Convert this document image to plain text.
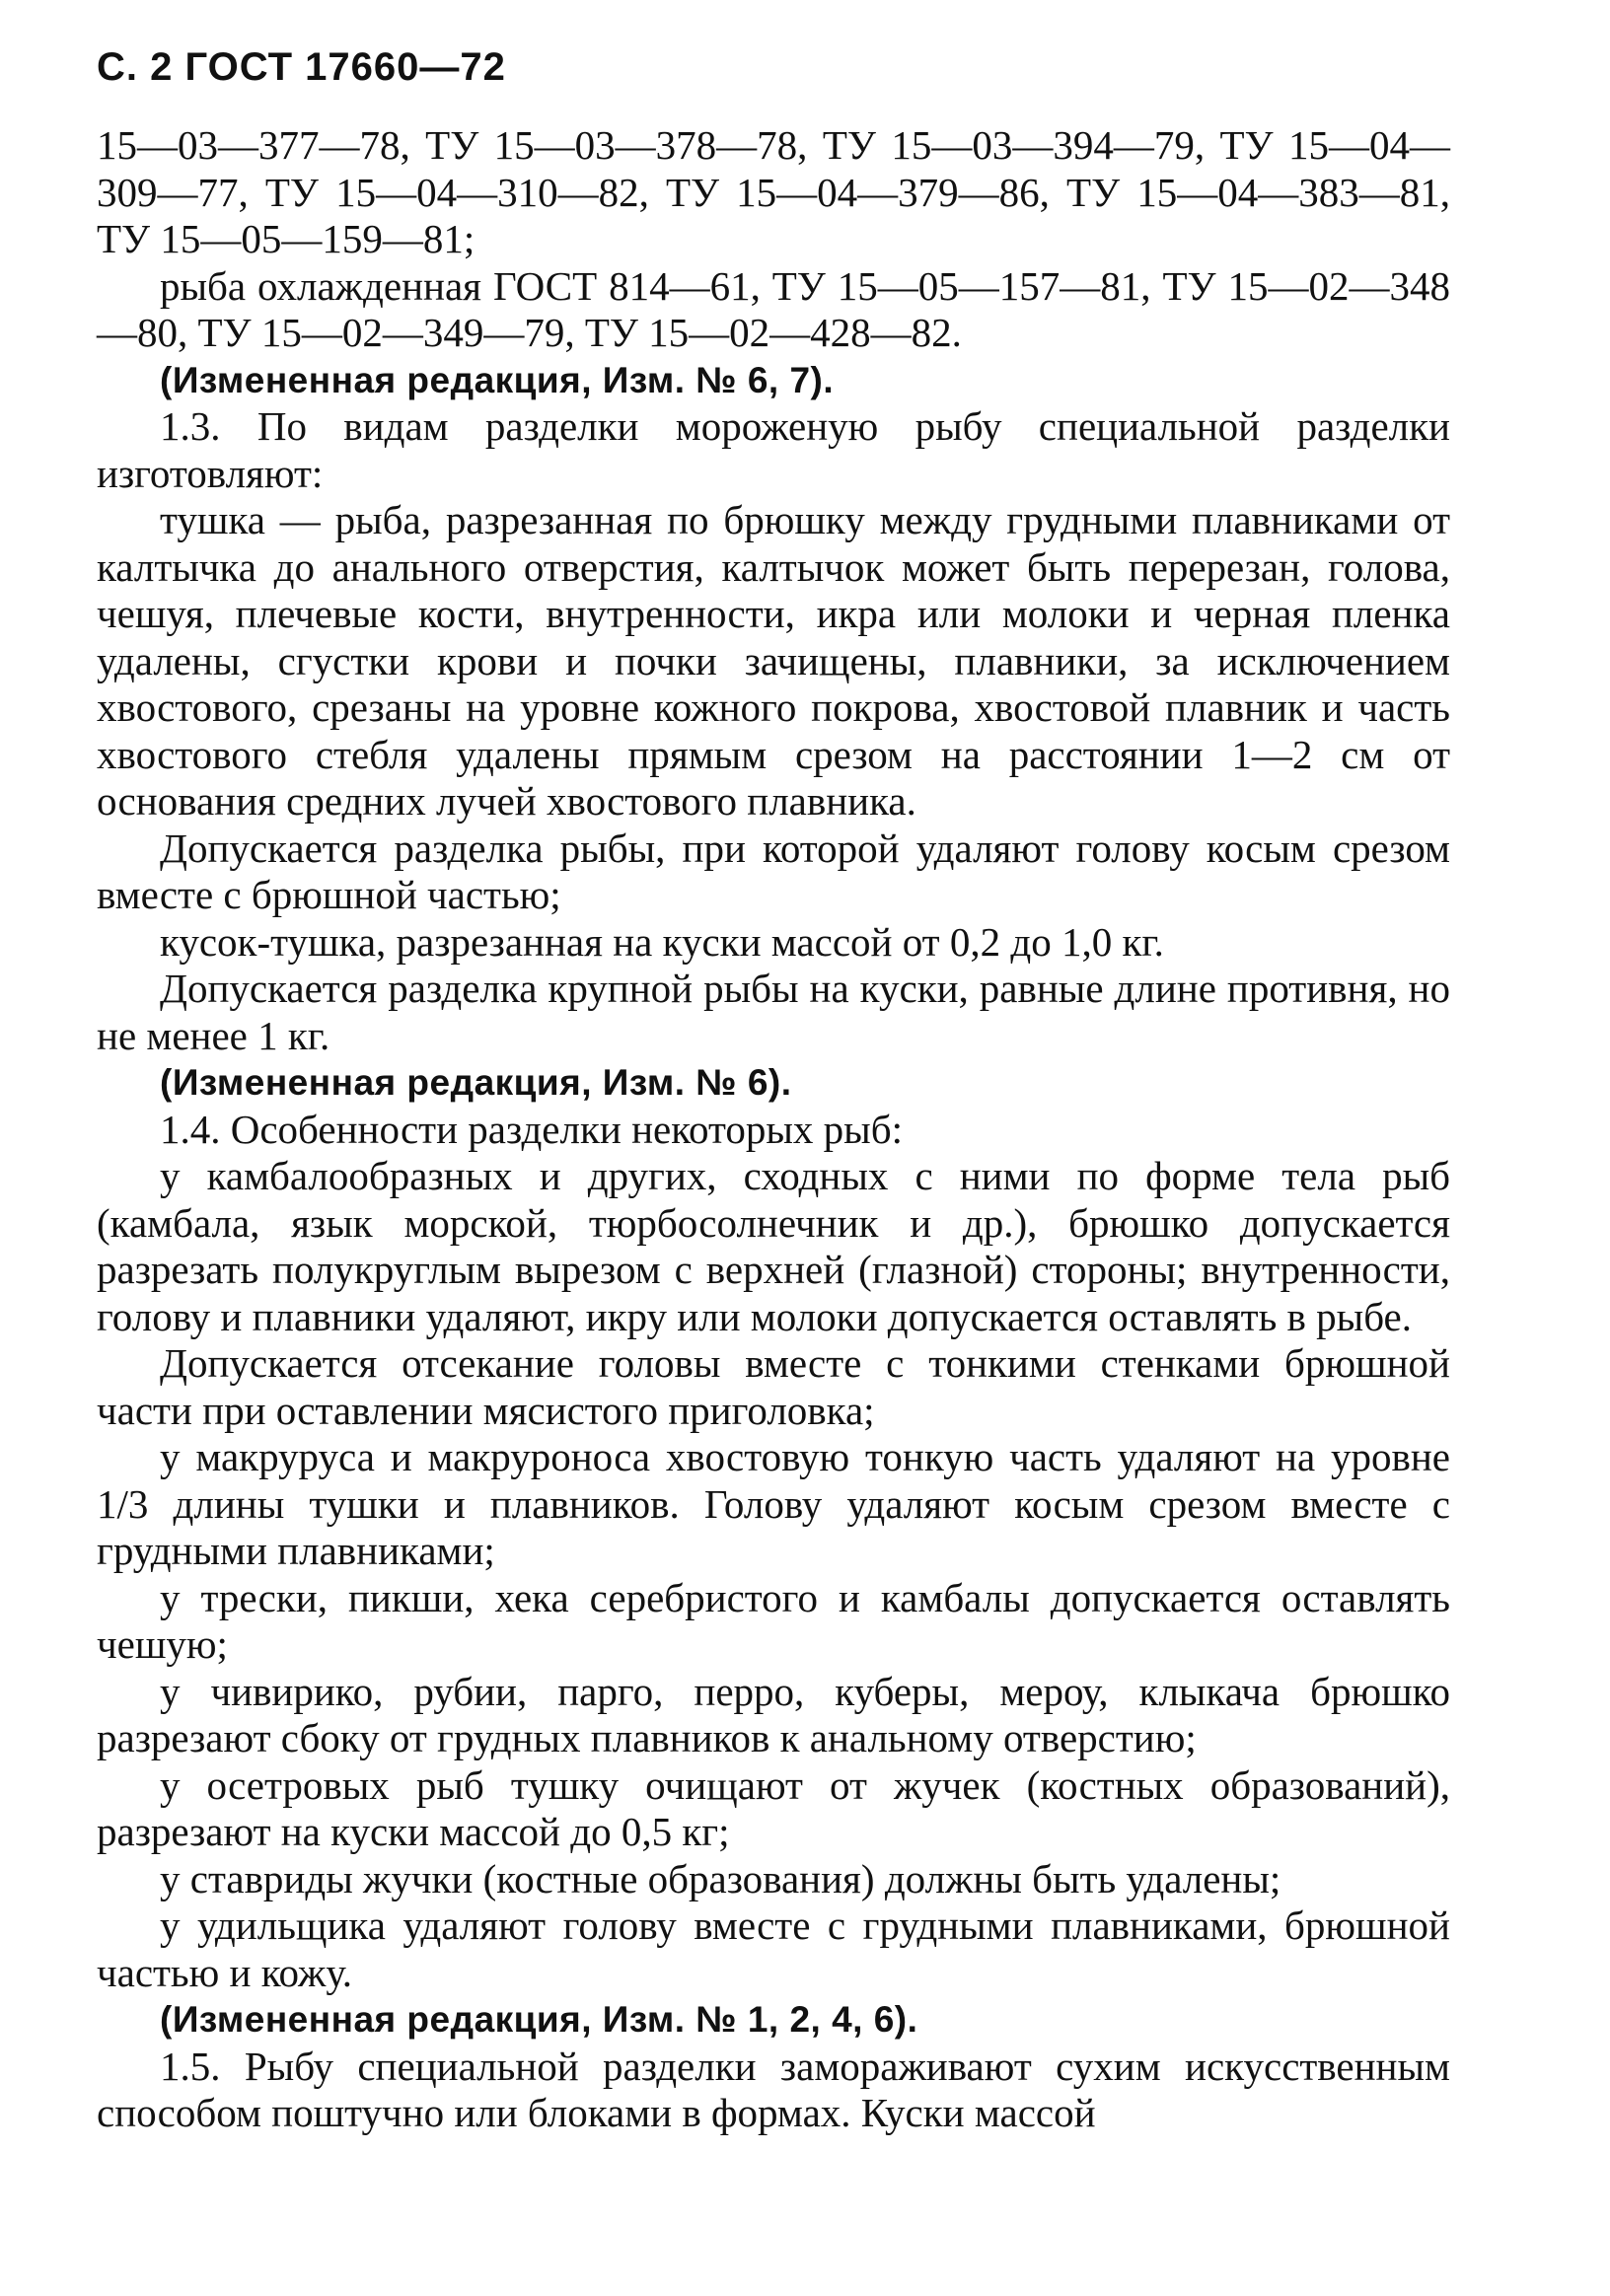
С. 2 ГОСТ 17660—72

15—03—377—78, ТУ 15—03—378—78, ТУ 15—03—394—79, ТУ 15—04—309—77, ТУ 15—04—310—82, ТУ 15—04—379—86, ТУ 15—04—383—81, ТУ 15—05—159—81;

рыба охлажденная ГОСТ 814—61, ТУ 15—05—157—81, ТУ 15—02—348—80, ТУ 15—02—349—79, ТУ 15—02—428—82.

(Измененная редакция, Изм. № 6, 7).

1.3. По видам разделки мороженую рыбу специальной разделки изготовляют:

тушка — рыба, разрезанная по брюшку между грудными плавниками от калтычка до анального отверстия, калтычок может быть перерезан, голова, чешуя, плечевые кости, внутренности, икра или молоки и черная пленка удалены, сгустки крови и почки зачищены, плавники, за исключением хвостового, срезаны на уровне кожного покрова, хвостовой плавник и часть хвостового стебля удалены прямым срезом на расстоянии 1—2 см от основания средних лучей хвостового плавника.

Допускается разделка рыбы, при которой удаляют голову косым срезом вместе с брюшной частью;

кусок-тушка, разрезанная на куски массой от 0,2 до 1,0 кг.

Допускается разделка крупной рыбы на куски, равные длине противня, но не менее 1 кг.

(Измененная редакция, Изм. № 6).

1.4. Особенности разделки некоторых рыб:

у камбалообразных и других, сходных с ними по форме тела рыб (камбала, язык морской, тюрбосолнечник и др.), брюшко допускается разрезать полукруглым вырезом с верхней (глазной) стороны; внутренности, голову и плавники удаляют, икру или молоки допускается оставлять в рыбе.

Допускается отсекание головы вместе с тонкими стенками брюшной части при оставлении мясистого приголовка;

у макруруса и макруроноса хвостовую тонкую часть удаляют на уровне 1/3 длины тушки и плавников. Голову удаляют косым срезом вместе с грудными плавниками;

у трески, пикши, хека серебристого и камбалы допускается оставлять чешую;

у чивирико, рубии, парго, перро, куберы, мероу, клыкача брюшко разрезают сбоку от грудных плавников к анальному отверстию;

у осетровых рыб тушку очищают от жучек (костных образований), разрезают на куски массой до 0,5 кг;

у ставриды жучки (костные образования) должны быть удалены;

у удильщика удаляют голову вместе с грудными плавниками, брюшной частью и кожу.

(Измененная редакция, Изм. № 1, 2, 4, 6).

1.5. Рыбу специальной разделки замораживают сухим искусственным способом поштучно или блоками в формах. Куски массой
